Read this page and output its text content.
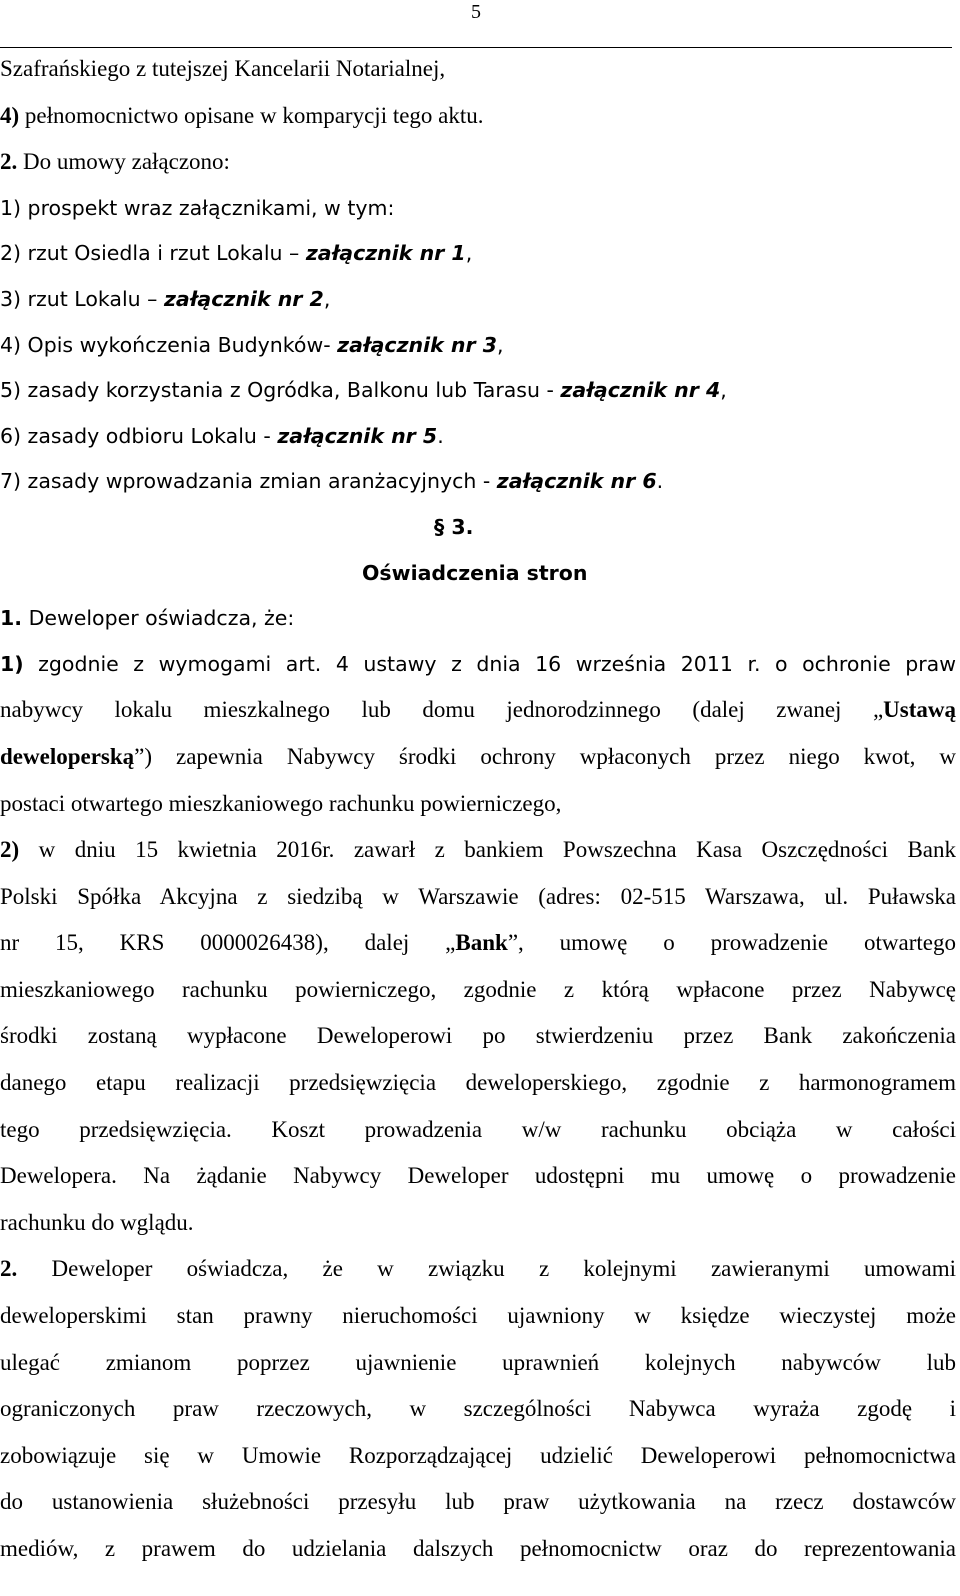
5
Szafrańskiego z tutejszej Kancelarii Notarialnej,
4) pełnomocnictwo opisane w komparycji tego aktu.
2. Do umowy załączono:
1) prospekt wraz załącznikami, w tym:
2) rzut Osiedla i rzut Lokalu – załącznik nr 1,
3) rzut Lokalu – załącznik nr 2,
4) Opis wykończenia Budynków- załącznik nr 3,
5) zasady korzystania z Ogródka, Balkonu lub Tarasu - załącznik nr 4,
6) zasady odbioru Lokalu - załącznik nr 5.
7) zasady wprowadzania zmian aranżacyjnych - załącznik nr 6.
§ 3.
Oświadczenia stron
1. Deweloper oświadcza, że:
1) zgodnie z wymogami art. 4 ustawy z dnia 16 września 2011 r. o ochronie praw
nabywcy lokalu mieszkalnego lub domu jednorodzinnego (dalej zwanej „Ustawą
deweloperską”) zapewnia Nabywcy środki ochrony wpłaconych przez niego kwot, w
postaci otwartego mieszkaniowego rachunku powierniczego,
2) w dniu 15 kwietnia 2016r. zawarł z bankiem Powszechna Kasa Oszczędności Bank
Polski Spółka Akcyjna z siedzibą w Warszawie (adres: 02-515 Warszawa, ul. Puławska
nr 15, KRS 0000026438), dalej „Bank”, umowę o prowadzenie otwartego
mieszkaniowego rachunku powierniczego, zgodnie z którą wpłacone przez Nabywcę
środki zostaną wypłacone Deweloperowi po stwierdzeniu przez Bank zakończenia
danego etapu realizacji przedsięwzięcia deweloperskiego, zgodnie z harmonogramem
tego przedsięwzięcia. Koszt prowadzenia w/w rachunku obciąża w całości
Dewelopera. Na żądanie Nabywcy Deweloper udostępni mu umowę o prowadzenie
rachunku do wglądu.
2. Deweloper oświadcza, że w związku z kolejnymi zawieranymi umowami
deweloperskimi stan prawny nieruchomości ujawniony w księdze wieczystej może
ulegać zmianom poprzez ujawnienie uprawnień kolejnych nabywców lub
ograniczonych praw rzeczowych, w szczególności Nabywca wyraża zgodę i
zobowiązuje się w Umowie Rozporządzającej udzielić Deweloperowi pełnomocnictwa
do ustanowienia służebności przesyłu lub praw użytkowania na rzecz dostawców
mediów, z prawem do udzielania dalszych pełnomocnictw oraz do reprezentowania
